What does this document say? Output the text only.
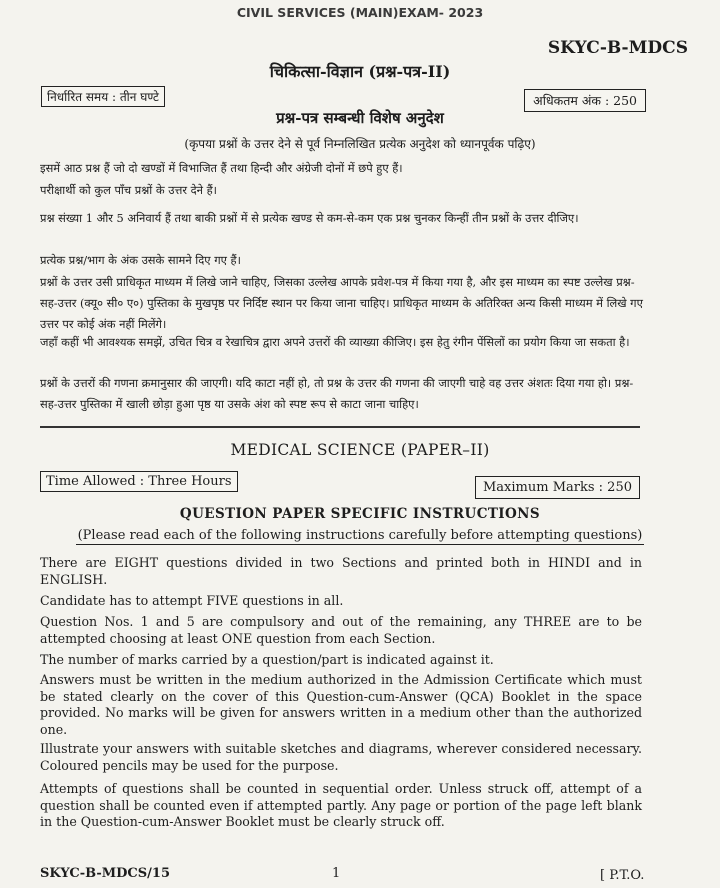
CIVIL SERVICES (MAIN)EXAM- 2023
SKYC-B-MDCS
चिकित्सा-विज्ञान (प्रश्न-पत्र-II)
निर्धारित समय : तीन घण्टे	अधिकतम अंक : 250
प्रश्न-पत्र सम्बन्धी विशेष अनुदेश
(कृपया प्रश्नों के उत्तर देने से पूर्व निम्नलिखित प्रत्येक अनुदेश को ध्यानपूर्वक पढ़िए)
इसमें आठ प्रश्न हैं जो दो खण्डों में विभाजित हैं तथा हिन्दी और अंग्रेजी दोनों में छपे हुए हैं।
परीक्षार्थी को कुल पाँच प्रश्नों के उत्तर देने हैं।
प्रश्न संख्या 1 और 5 अनिवार्य हैं तथा बाकी प्रश्नों में से प्रत्येक खण्ड से कम-से-कम एक प्रश्न चुनकर किन्हीं तीन प्रश्नों के उत्तर दीजिए।
प्रत्येक प्रश्न/भाग के अंक उसके सामने दिए गए हैं।
प्रश्नों के उत्तर उसी प्राधिकृत माध्यम में लिखे जाने चाहिए, जिसका उल्लेख आपके प्रवेश-पत्र में किया गया है, और इस माध्यम का स्पष्ट उल्लेख प्रश्न-सह-उत्तर (क्यू० सी० ए०) पुस्तिका के मुखपृष्ठ पर निर्दिष्ट स्थान पर किया जाना चाहिए। प्राधिकृत माध्यम के अतिरिक्त अन्य किसी माध्यम में लिखे गए उत्तर पर कोई अंक नहीं मिलेंगे।
जहाँ कहीं भी आवश्यक समझें, उचित चित्र व रेखाचित्र द्वारा अपने उत्तरों की व्याख्या कीजिए। इस हेतु रंगीन पेंसिलों का प्रयोग किया जा सकता है।
प्रश्नों के उत्तरों की गणना क्रमानुसार की जाएगी। यदि काटा नहीं हो, तो प्रश्न के उत्तर की गणना की जाएगी चाहे वह उत्तर अंशतः दिया गया हो। प्रश्न-सह-उत्तर पुस्तिका में खाली छोड़ा हुआ पृष्ठ या उसके अंश को स्पष्ट रूप से काटा जाना चाहिए।
MEDICAL SCIENCE (PAPER–II)
Time Allowed : Three Hours	Maximum Marks : 250
QUESTION PAPER SPECIFIC INSTRUCTIONS
(Please read each of the following instructions carefully before attempting questions)
There are EIGHT questions divided in two Sections and printed both in HINDI and in ENGLISH.
Candidate has to attempt FIVE questions in all.
Question Nos. 1 and 5 are compulsory and out of the remaining, any THREE are to be attempted choosing at least ONE question from each Section.
The number of marks carried by a question/part is indicated against it.
Answers must be written in the medium authorized in the Admission Certificate which must be stated clearly on the cover of this Question-cum-Answer (QCA) Booklet in the space provided. No marks will be given for answers written in a medium other than the authorized one.
Illustrate your answers with suitable sketches and diagrams, wherever considered necessary. Coloured pencils may be used for the purpose.
Attempts of questions shall be counted in sequential order. Unless struck off, attempt of a question shall be counted even if attempted partly. Any page or portion of the page left blank in the Question-cum-Answer Booklet must be clearly struck off.
SKYC-B-MDCS/15	1	[ P.T.O.
